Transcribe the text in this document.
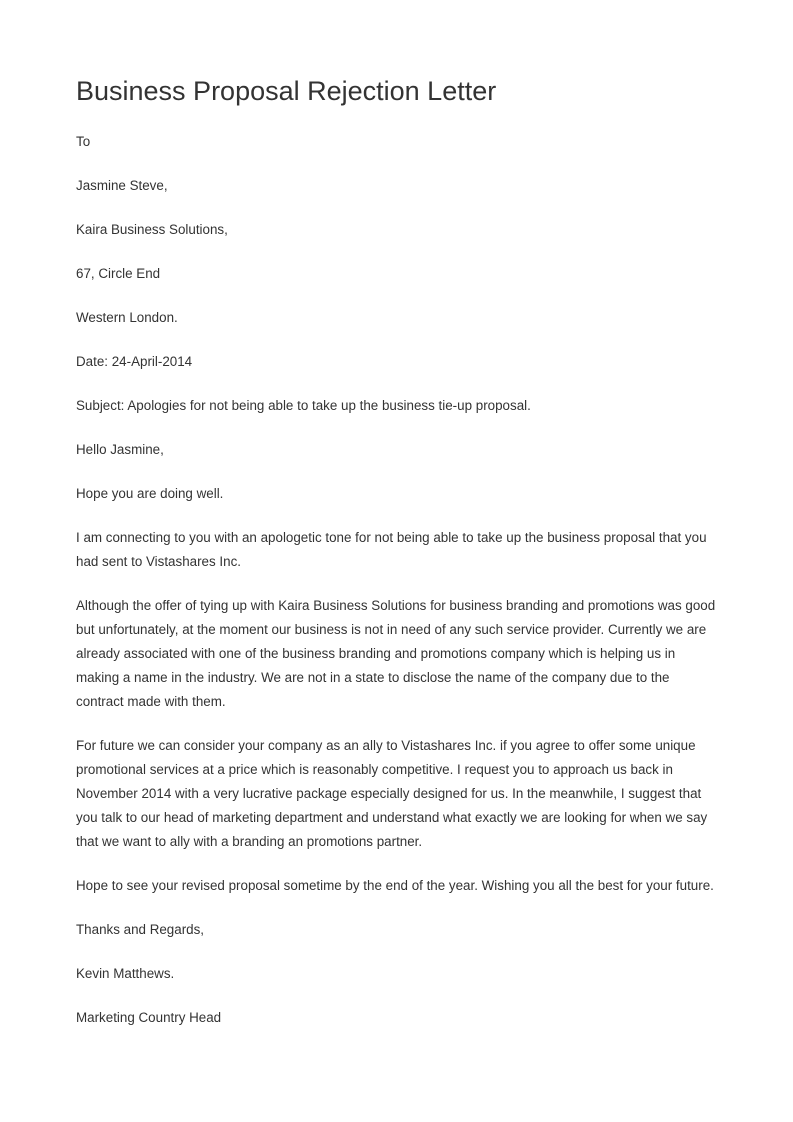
Business Proposal Rejection Letter

To

Jasmine Steve,

Kaira Business Solutions,

67, Circle End

Western London.

Date: 24-April-2014

Subject: Apologies for not being able to take up the business tie-up proposal.

Hello Jasmine,

Hope you are doing well.

I am connecting to you with an apologetic tone for not being able to take up the business proposal that you had sent to Vistashares Inc.

Although the offer of tying up with Kaira Business Solutions for business branding and promotions was good but unfortunately, at the moment our business is not in need of any such service provider. Currently we are already associated with one of the business branding and promotions company which is helping us in making a name in the industry. We are not in a state to disclose the name of the company due to the contract made with them.

For future we can consider your company as an ally to Vistashares Inc. if you agree to offer some unique promotional services at a price which is reasonably competitive. I request you to approach us back in November 2014 with a very lucrative package especially designed for us. In the meanwhile, I suggest that you talk to our head of marketing department and understand what exactly we are looking for when we say that we want to ally with a branding an promotions partner.

Hope to see your revised proposal sometime by the end of the year. Wishing you all the best for your future.

Thanks and Regards,

Kevin Matthews.

Marketing Country Head
